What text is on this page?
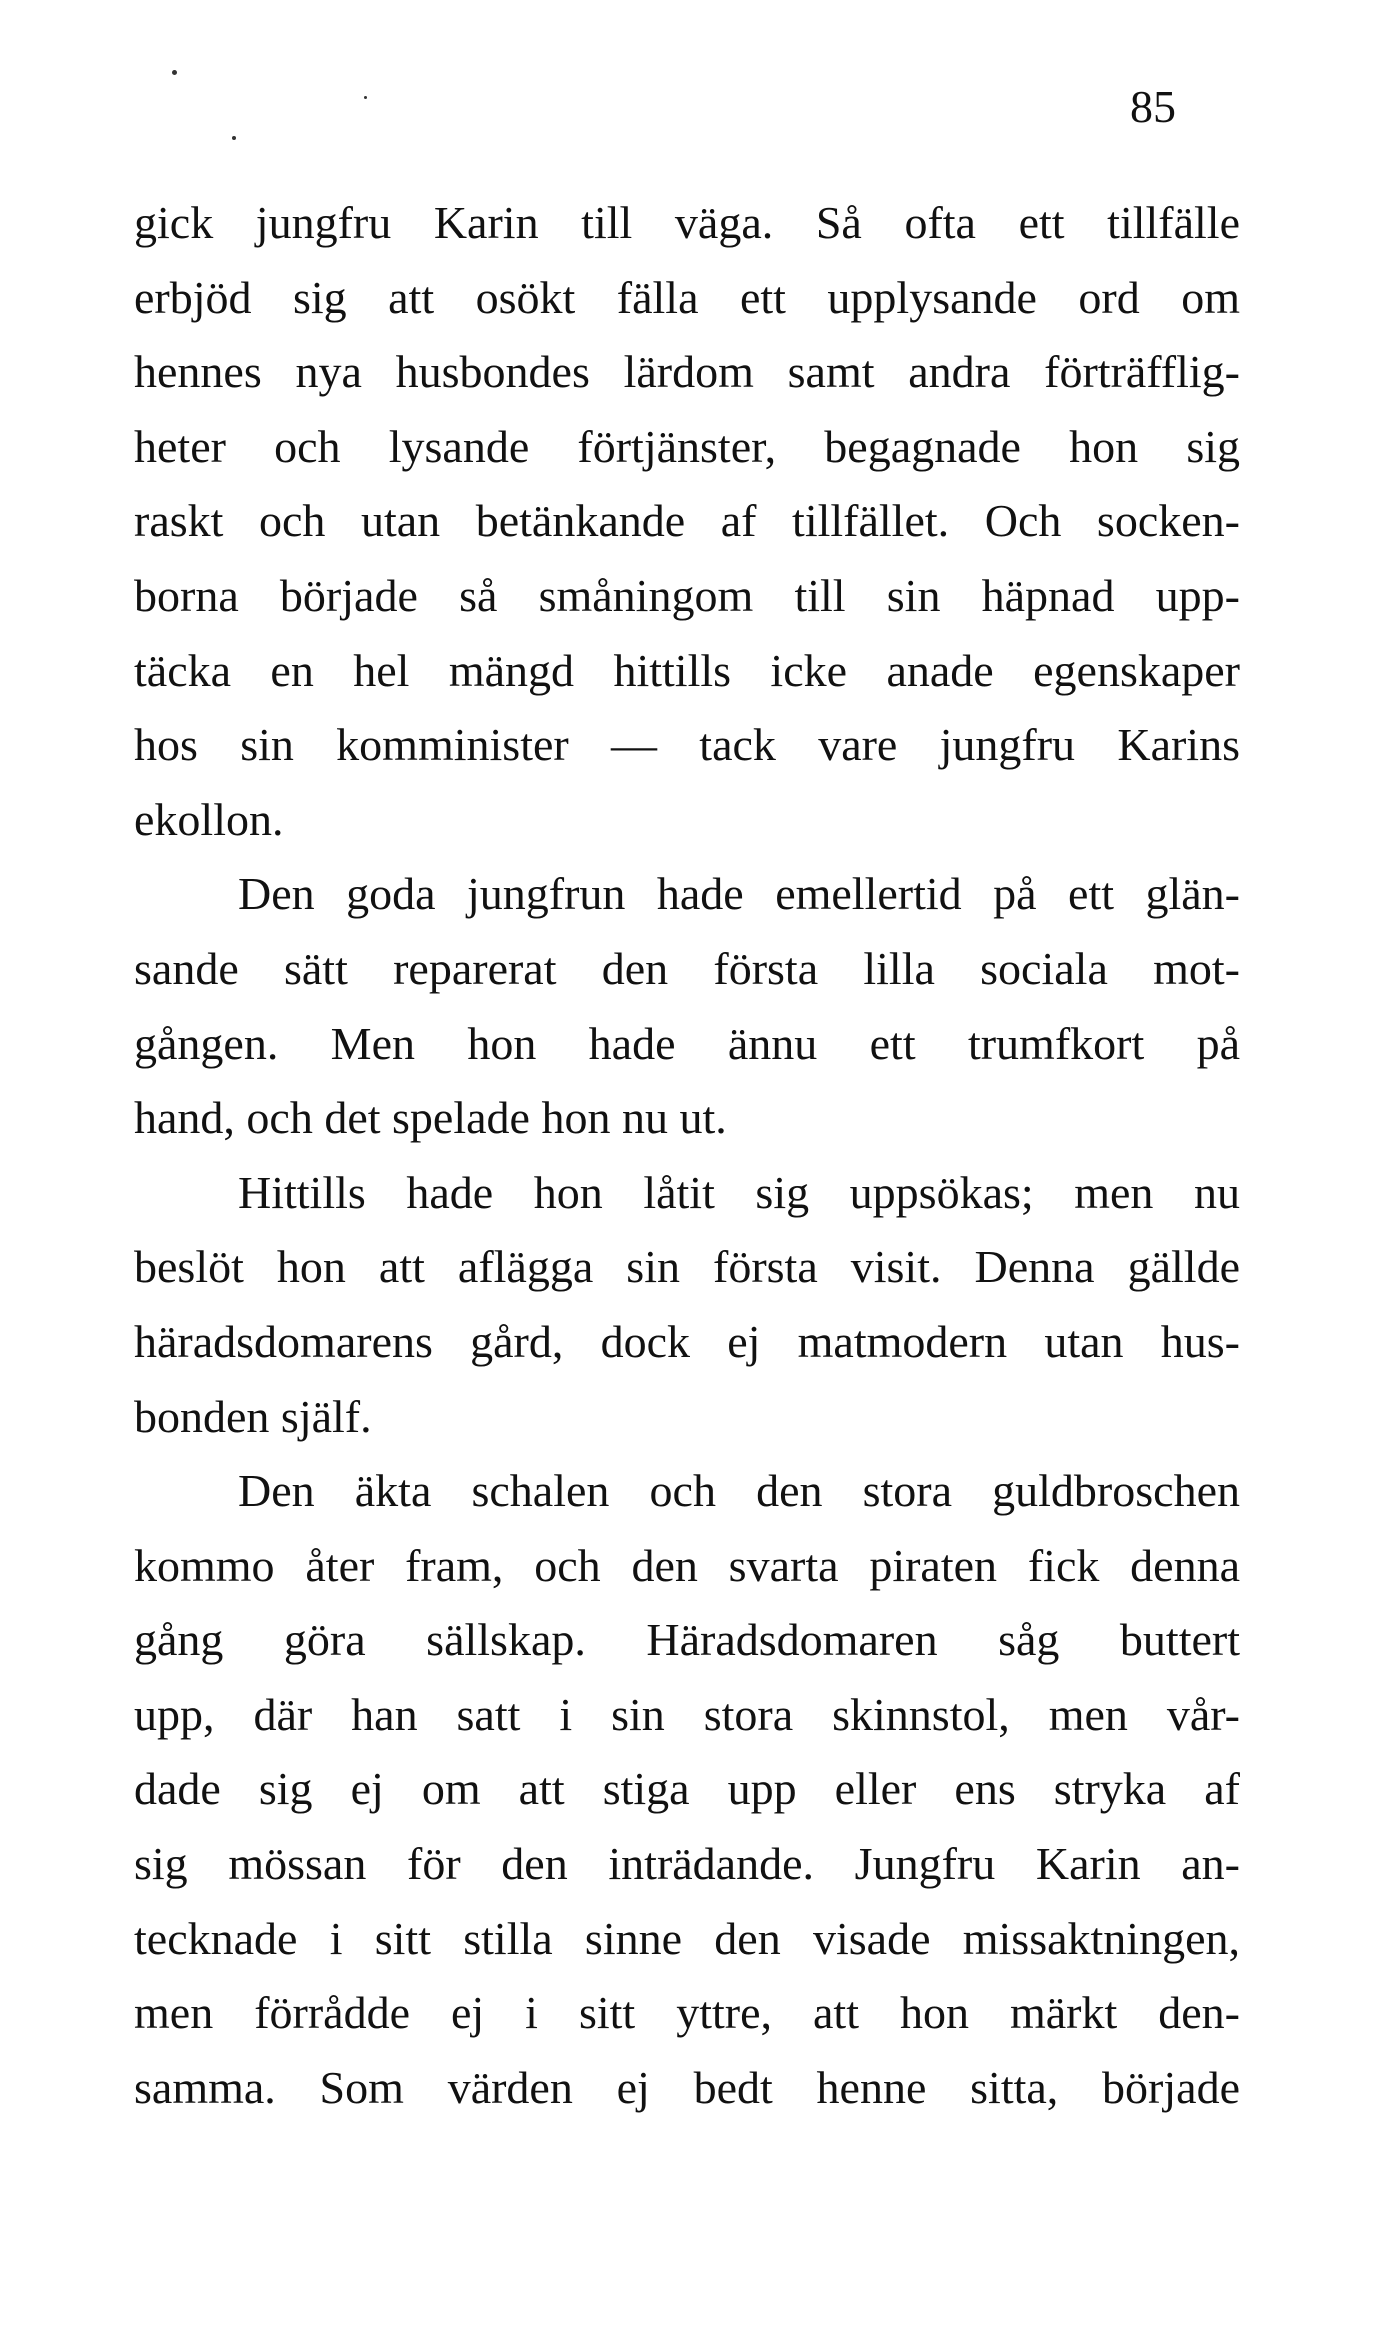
85
gick jungfru Karin till väga. Så ofta ett tillfälle
erbjöd sig att osökt fälla ett upplysande ord om
hennes nya husbondes lärdom samt andra förträfflig-
heter och lysande förtjänster, begagnade hon sig
raskt och utan betänkande af tillfället. Och socken-
borna började så småningom till sin häpnad upp-
täcka en hel mängd hittills icke anade egenskaper
hos sin komminister — tack vare jungfru Karins
ekollon.
Den goda jungfrun hade emellertid på ett glän-
sande sätt reparerat den första lilla sociala mot-
gången. Men hon hade ännu ett trumfkort på
hand, och det spelade hon nu ut.
Hittills hade hon låtit sig uppsökas; men nu
beslöt hon att aflägga sin första visit. Denna gällde
häradsdomarens gård, dock ej matmodern utan hus-
bonden själf.
Den äkta schalen och den stora guldbroschen
kommo åter fram, och den svarta piraten fick denna
gång göra sällskap. Häradsdomaren såg buttert
upp, där han satt i sin stora skinnstol, men vår-
dade sig ej om att stiga upp eller ens stryka af
sig mössan för den inträdande. Jungfru Karin an-
tecknade i sitt stilla sinne den visade missaktningen,
men förrådde ej i sitt yttre, att hon märkt den-
samma. Som värden ej bedt henne sitta, började
